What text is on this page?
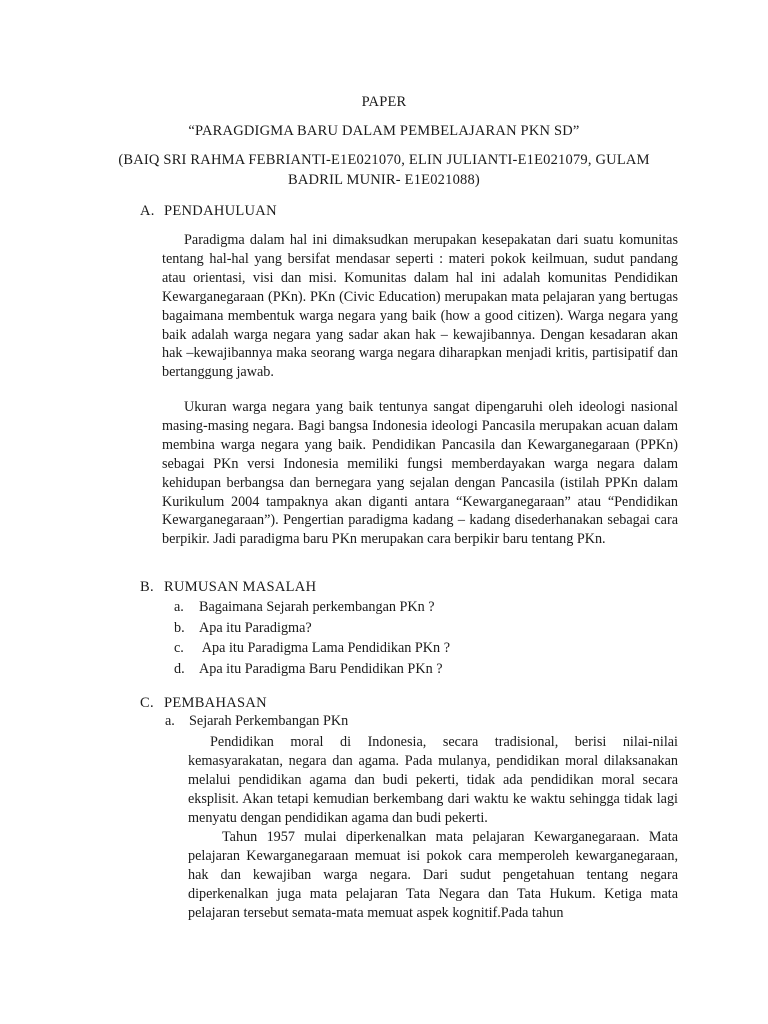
PAPER
“PARAGDIGMA BARU DALAM PEMBELAJARAN PKN SD”
(BAIQ SRI RAHMA FEBRIANTI-E1E021070, ELIN JULIANTI-E1E021079, GULAM
BADRIL MUNIR- E1E021088)
A. PENDAHULUAN
Paradigma dalam hal ini dimaksudkan merupakan kesepakatan dari suatu komunitas tentang hal-hal yang bersifat mendasar seperti : materi pokok keilmuan, sudut pandang atau orientasi, visi dan misi. Komunitas dalam hal ini adalah komunitas Pendidikan Kewarganegaraan (PKn). PKn (Civic Education) merupakan mata pelajaran yang bertugas bagaimana membentuk warga negara yang baik (how a good citizen). Warga negara yang baik adalah warga negara yang sadar akan hak – kewajibannya. Dengan kesadaran akan hak –kewajibannya maka seorang warga negara diharapkan menjadi kritis, partisipatif dan bertanggung jawab.
Ukuran warga negara yang baik tentunya sangat dipengaruhi oleh ideologi nasional masing-masing negara. Bagi bangsa Indonesia ideologi Pancasila merupakan acuan dalam membina warga negara yang baik. Pendidikan Pancasila dan Kewarganegaraan (PPKn) sebagai PKn versi Indonesia memiliki fungsi memberdayakan warga negara dalam kehidupan berbangsa dan bernegara yang sejalan dengan Pancasila (istilah PPKn dalam Kurikulum 2004 tampaknya akan diganti antara “Kewarganegaraan” atau “Pendidikan Kewarganegaraan”). Pengertian paradigma kadang – kadang disederhanakan sebagai cara berpikir. Jadi paradigma baru PKn merupakan cara berpikir baru tentang PKn.
B. RUMUSAN MASALAH
a. Bagaimana Sejarah perkembangan PKn ?
b. Apa itu Paradigma?
c. Apa itu Paradigma Lama Pendidikan PKn ?
d. Apa itu Paradigma Baru Pendidikan PKn ?
C. PEMBAHASAN
a. Sejarah Perkembangan PKn
Pendidikan moral di Indonesia, secara tradisional, berisi nilai-nilai kemasyarakatan, negara dan agama. Pada mulanya, pendidikan moral dilaksanakan melalui pendidikan agama dan budi pekerti, tidak ada pendidikan moral secara eksplisit. Akan tetapi kemudian berkembang dari waktu ke waktu sehingga tidak lagi menyatu dengan pendidikan agama dan budi pekerti.
Tahun 1957 mulai diperkenalkan mata pelajaran Kewarganegaraan. Mata pelajaran Kewarganegaraan memuat isi pokok cara memperoleh kewarganegaraan, hak dan kewajiban warga negara. Dari sudut pengetahuan tentang negara diperkenalkan juga mata pelajaran Tata Negara dan Tata Hukum. Ketiga mata pelajaran tersebut semata-mata memuat aspek kognitif.Pada tahun
